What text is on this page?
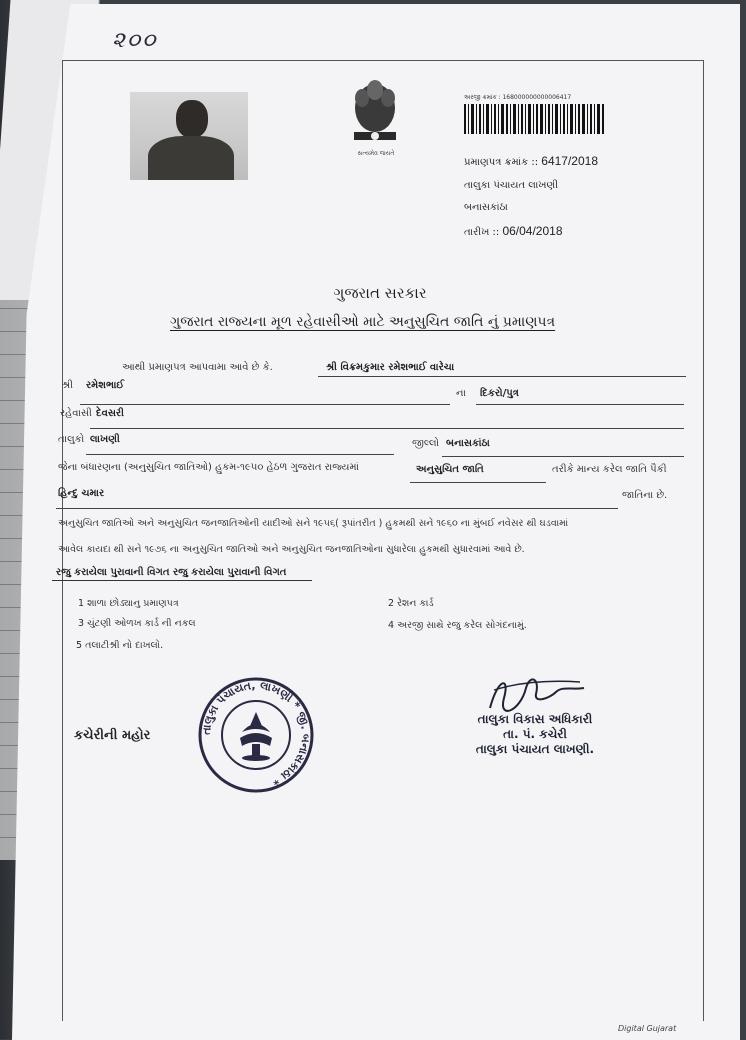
૨૦૦
સત્યમેવ જયતે
અરજી ક્રમાંક : 168000000000006417
પ્રમાણપત્ર ક્રમાંક :: 6417/2018
તાલુકા પંચાયત લાખણી
બનાસકાંઠા
તારીખ :: 06/04/2018
ગુજરાત સરકાર
ગુજરાત રાજ્યના મૂળ રહેવાસીઓ માટે અનુસુચિત જાતિ નું પ્રમાણપત્ર
આથી પ્રમાણપત્ર આપવામા આવે છે કે.	શ્રી વિક્રમકુમાર રમેશભાઈ વારેચા
શ્રી રમેશભાઈ
ના દિકરો/પુત્ર
રહેવાસી દેવસરી
તાલુકો લાખણી	જીલ્લો બનાસકાંઠા
જેના બંધારણના (અનુસુચિત જાતિઓ) હુકમ-૧૯૫૦ હેઠળ ગુજરાત રાજ્યમાં	અનુસુચિત જાતિ	તરીકે માન્ય કરેલ જાતિ પૈકી
હિન્દુ ચમાર	જાતિના છે.
અનુસુચિત જાતિઓ અને અનુસુચિત જનજાતિઓની યાદીઓ સને ૧૯૫૬( રૂપાંતરીત ) હુકમથી સને ૧૯૬૦ ના મુંબઈ નવેસર થી ઘડવામાં
આવેલ કાયદા થી સને ૧૯૭૬ ના અનુસુચિત જાતિઓ અને અનુસુચિત જનજાતિઓના સુધારેલા હુકમથી સુધારવામાં આવે છે.
રજુ કરાયેલા પુરાવાની વિગત રજુ કરાયેલા પુરાવાની વિગત
1 શાળા છોડ્યાનુ પ્રમાણપત્ર	2 રેશન કાર્ડ
3 ચુંટણી ઓળખ કાર્ડ ની નકલ	4 અરજી સાથે રજુ કરેલ સોગંદનામું.
5 તલાટીશ્રી નો દાખલો.
કચેરીની મહોર	તાલુકા પંચાયત, લાખણી * જી. બનાસકાંઠા *
તાલુકા વિકાસ અધિકારી
તા. પં. કચેરી
તાલુકા પંચાયત લાખણી.
Digital Gujarat
